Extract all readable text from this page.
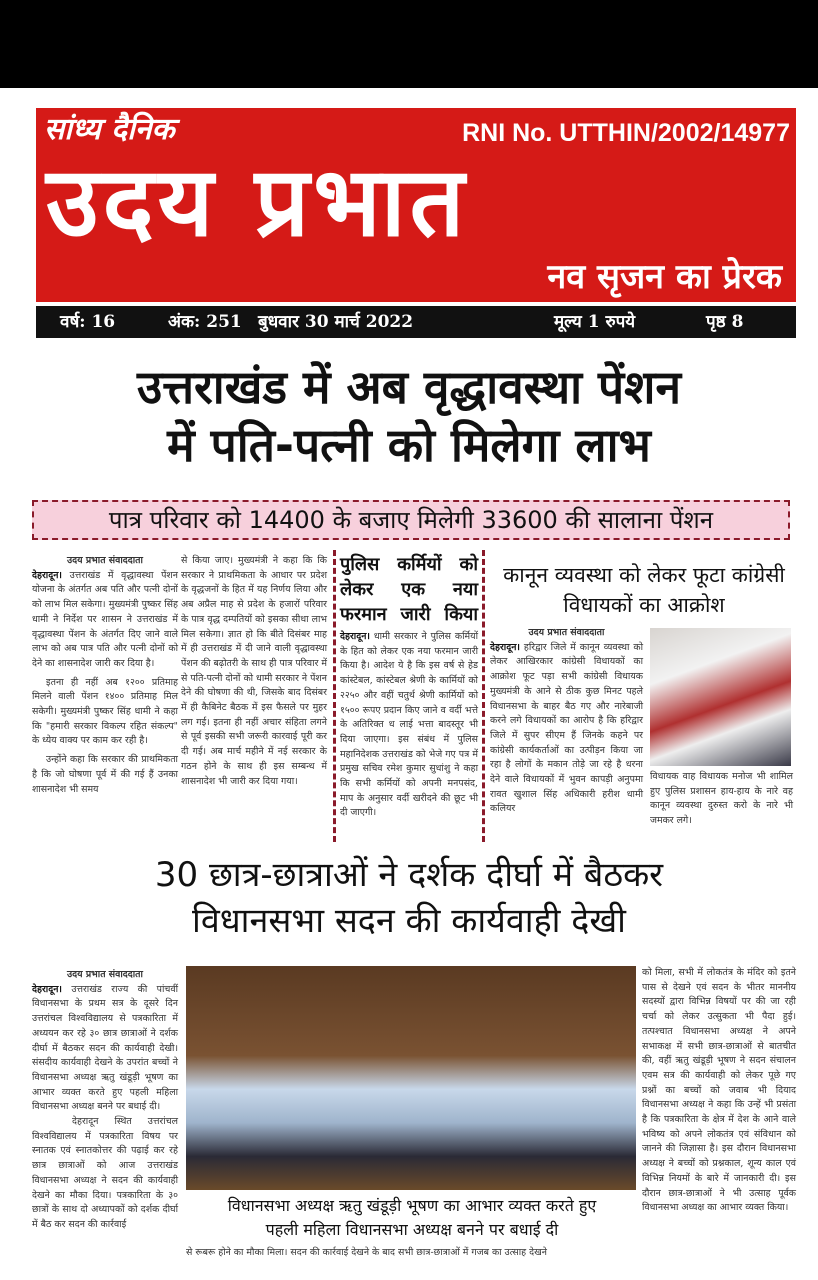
सांध्य दैनिक	RNI No. UTTHIN/2002/14977
उदय प्रभात
नव सृजन का प्रेरक
वर्ष: 16	अंक: 251 बुधवार 30 मार्च 2022	मूल्य 1 रुपये	पृष्ठ 8
उत्तराखंड में अब वृद्धावस्था पेंशन
में पति-पत्नी को मिलेगा लाभ
पात्र परिवार को 14400 के बजाए मिलेगी 33600 की सालाना पेंशन
उदय प्रभात संवाददाता
देहरादून। उत्तराखंड में वृद्धावस्था पेंशन योजना के अंतर्गत अब पति और पत्नी दोनों को लाभ मिल सकेगा। मुख्यमंत्री पुष्कर सिंह धामी ने निर्देश पर शासन ने उत्तराखंड में वृद्धावस्था पेंशन के अंतर्गत दिए जाने वाले लाभ को अब पात्र पति और पत्नी दोनों को देने का शासनादेश जारी कर दिया है।
इतना ही नहीं अब १२०० प्रतिमाह मिलने वाली पेंशन १४०० प्रतिमाह मिल सकेगी। मुख्यमंत्री पुष्कर सिंह धामी ने कहा कि "हमारी सरकार विकल्प रहित संकल्प" के ध्येय वाक्य पर काम कर रही है।
उन्होंने कहा कि सरकार की प्राथमिकता है कि जो घोषणा पूर्व में की गई हैं उनका शासनादेश भी समय
से किया जाए। मुख्यमंत्री ने कहा कि कि सरकार ने प्राथमिकता के आधार पर प्रदेश के वृद्धजनों के हित में यह निर्णय लिया और अब अप्रैल माह से प्रदेश के हजारों परिवार के पात्र वृद्ध दम्पतियों को इसका सीधा लाभ मिल सकेगा। ज्ञात हो कि बीते दिसंबर माह में ही उत्तराखंड में दी जाने वाली वृद्धावस्था पेंशन की बढ़ोतरी के साथ ही पात्र परिवार में से पति-पत्नी दोनों को धामी सरकार ने पेंशन देने की घोषणा की थी, जिसके बाद दिसंबर में ही कैबिनेट बैठक में इस फैसले पर मुहर लग गई। इतना ही नहीं अचार संहिता लगने से पूर्व इसकी सभी जरूरी कारवाई पूरी कर दी गई। अब मार्च महीने में नई सरकार के गठन होने के साथ ही इस सम्बन्ध में शासनादेश भी जारी कर दिया गया।
पुलिस कर्मियों को लेकर एक नया फरमान जारी किया
देहरादून। धामी सरकार ने पुलिस कर्मियों के हित को लेकर एक नया फरमान जारी किया है। आदेश ये है कि इस वर्ष से हेड कांस्टेबल, कांस्टेबल श्रेणी के कार्मियों को २२५० और वहीं चतुर्थ श्रेणी कार्मियों को १५०० रूपए प्रदान किए जाने व वर्दी भत्ते के अतिरिक्त ध लाई भत्ता बादस्तूर भी दिया जाएगा। इस संबंध में पुलिस महानिदेशक उत्तराखंड को भेजे गए पत्र में प्रमुख सचिव रमेश कुमार सुधांशु ने कहा कि सभी कर्मियों को अपनी मनपसंद, माप के अनुसार वर्दी खरीदने की छूट भी दी जाएगी।
कानून व्यवस्था को लेकर फूटा कांग्रेसी विधायकों का आक्रोश
उदय प्रभात संवाददाता
देहरादून। हरिद्वार जिले में कानून व्यवस्था को लेकर आखिरकार कांग्रेसी विधायकों का आक्रोश फूट पड़ा सभी कांग्रेसी विधायक मुख्यमंत्री के आने से ठीक कुछ मिनट पहले विधानसभा के बाहर बैठ गए और नारेबाजी करने लगे विधायकों का आरोप है कि हरिद्वार जिले में सुपर सीएम हैं जिनके कहने पर कांग्रेसी कार्यकर्ताओं का उत्पीड़न किया जा रहा है लोगों के मकान तोड़े जा रहे है धरना देने वाले विधायकों में भुवन कापड़ी अनुपमा रावत खुशाल सिंह अधिकारी हरीश धामी कलियर
विधायक वाह विधायक मनोज भी शामिल हुए पुलिस प्रशासन हाय-हाय के नारे वह कानून व्यवस्था दुरुस्त करो के नारे भी जमकर लगे।
30 छात्र-छात्राओं ने दर्शक दीर्घा में बैठकर
विधानसभा सदन की कार्यवाही देखी
उदय प्रभात संवाददाता
देहरादून। उत्तराखंड राज्य की पांचवीं विधानसभा के प्रथम सत्र के दूसरे दिन उत्तरांचल विश्वविद्यालय से पत्रकारिता में अध्ययन कर रहे ३० छात्र छात्राओं ने दर्शक दीर्घा में बैठकर सदन की कार्यवाही देखी। संसदीय कार्यवाही देखने के उपरांत बच्चों ने विधानसभा अध्यक्ष ऋतु खंडूड़ी भूषण का आभार व्यक्त करते हुए पहली महिला विधानसभा अध्यक्ष बनने पर बधाई दी।
देहरादून स्थित उत्तरांचल विश्वविद्यालय में पत्रकारिता विषय पर स्नातक एवं स्नातकोत्तर की पढ़ाई कर रहे छात्र छात्राओं को आज उत्तराखंड विधानसभा अध्यक्ष ने सदन की कार्यवाही देखने का मौका दिया। पत्रकारिता के ३० छात्रों के साथ दो अध्यापकों को दर्शक दीर्घा में बैठ कर सदन की कार्रवाई
विधानसभा अध्यक्ष ऋतु खंडूड़ी भूषण का आभार व्यक्त करते हुए
पहली महिला विधानसभा अध्यक्ष बनने पर बधाई दी
से रूबरू होने का मौका मिला। सदन की कार्रवाई देखने के बाद सभी छात्र-छात्राओं में गजब का उत्साह देखने
को मिला, सभी में लोकतंत्र के मंदिर को इतने पास से देखने एवं सदन के भीतर माननीय सदस्यों द्वारा विभिन्न विषयों पर की जा रही चर्चा को लेकर उत्सुकता भी पैदा हुई। तत्पश्चात विधानसभा अध्यक्ष ने अपने सभाकक्ष में सभी छात्र-छात्राओं से बातचीत की, वहीं ऋतु खंडूड़ी भूषण ने सदन संचालन एवम सत्र की कार्यवाही को लेकर पूछे गए प्रश्नों का बच्चों को जवाब भी दियाद विधानसभा अध्यक्ष ने कहा कि उन्हें भी प्रसंता है कि पत्रकारिता के क्षेत्र में देश के आने वाले भविष्य को अपने लोकतंत्र एवं संविधान को जानने की जिज्ञासा है। इस दौरान विधानसभा अध्यक्ष ने बच्चों को प्रश्नकाल, शून्य काल एवं विभिन्न नियमों के बारे में जानकारी दी। इस दौरान छात्र-छात्राओं ने भी उत्साह पूर्वक विधानसभा अध्यक्ष का आभार व्यक्त किया।
